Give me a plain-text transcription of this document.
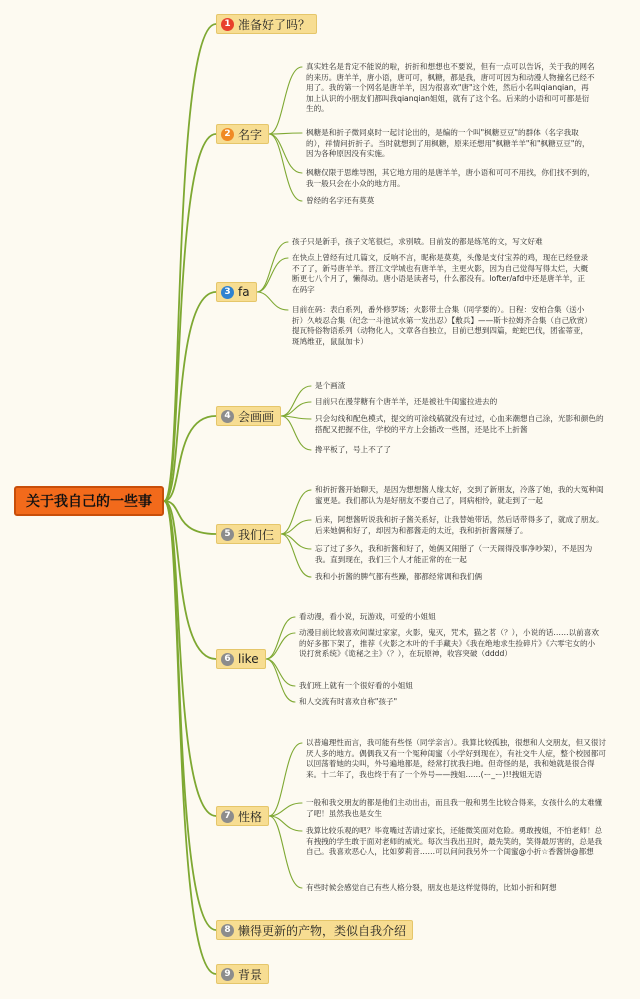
关于我自己的一些事
1 准备好了吗？
2 名字
3 fa
4 会画画
5 我们仨
6 like
7 性格
8 懒得更新的产物，类似自我介绍
9 背景
真实姓名是肯定不能说的啦，折折和想想也不要说，但有一点可以告诉，关于我的网名的来历。唐羊羊，唐小语，唐可可，枫糖，都是我，唐可可因为和动漫人物撞名已经不用了。我的第一个网名是唐羊羊，因为很喜欢"唐"这个姓，然后小名叫qianqian，再加上认识的小朋友们都叫我qianqian姐姐，就有了这个名。后来的小语和可可都是衍生的。
枫糖是和折子微同桌时一起讨论出的，是编的一个叫"枫糖豆豆"的群体（名字我取的），祥情问折折子。当时就想到了用枫糖，原来还想用"枫糖羊羊"和"枫糖豆豆"的，因为各种原因没有实施。
枫糖仅限于思维导图，其它地方用的是唐羊羊，唐小语和可可不用找，你们找不到的，我一般只会在小众的地方用。
曾经的名字还有莫莫
孩子只是新手，孩子文笔很烂，求别喷。目前发的都是练笔的文，写文好难
在快点上曾经有过几篇文，反响不言，昵称是莫莫，头像是支付宝养的鸡，现在已经登录不了了，新号唐羊羊。晋江文学城也有唐羊羊，主更火影，因为自己觉得写得太烂，大概断更七八个月了，懒得动。唐小语是读者号，什么都没有。lofter/afd中还是唐羊羊，正在码字
目前在码：表白系列，番外修罗场；火影带土合集（同学要的）。日程：安柏合集（送小折）久岐忍合集（纪念一斗池试水第一发出忍）【敷兵】——斯卡拉姆齐合集（自己欣赏）提瓦特俗物语系列（动物化人，文章各自独立，目前已想到四篇，蛇蛇巴伐，团雀蒂亚，斑鸠维亚，鼠鼠加卡）
是个画渣
目前只在漫芽糖有个唐羊羊，还是被社牛闺蜜拉进去的
只会勾线和配色模式，提交的可涂线稿就没有过过，心血来潮想自己涂，光影和颜色的搭配又把握不住，学校的平方上会插改一些图，还是比不上折酱
搀平板了，号上不了了
和折折酱开始聊天，是因为想想酱人缘太好，交到了新朋友，冷落了她，我的大冤种闺蜜更是。我们都认为是好朋友不要自己了，同病相怜，就走到了一起
后来，阿想酱听说我和折子酱关系好，让我替她带话，然后话带得多了，就成了朋友。后来她俩和好了，却因为和都酱走的太近，我和折折酱闹掰了。
忘了过了多久，我和折酱和好了，她俩又闹掰了（一天闹得没事净吵架），不是因为我。直到现在，我们三个人才能正常的在一起
我和小折酱的脾气都有些躁，都都经常调和我们俩
看动漫，看小说，玩游戏，可爱的小姐姐
动漫目前比较喜欢间谍过家家，火影，鬼灭，咒术，猫之茗（？），小说的话……以前喜欢的好多都下架了，推荐《火影之木叶的千手藏夫》《我在绝地求生捡碎片》《六零宅女的小说打赏系统》《诡秘之主》（？），在玩原神，收容突破（dddd）
我们班上就有一个很好看的小姐姐
和人交流有时喜欢自称"孩子"
以普遍理性而言，我可能有些怪（同学亲言）。我算比较孤独，很想和人交朋友，但又很讨厌人多的地方。偶偶我又有一个冤种闺蜜（小学好到现在），有社交牛人症，整个校园都可以回荡着她的尖叫，外号遍地都是，经常打扰我扫地。但奇怪的是，我和她就是很合得来。十二年了，我也终于有了一个外号——拽姐……(ー_ー)!!拽姐无语
一般和我交朋友的都是他们主动出击，而且我一般和男生比较合得来，女孩什么的太难懂了吧！虽然我也是女生
我算比较乐观的吧？毕竟嘴过苦请过家长，还能微笑面对危险。勇敢拽姐，不怕老师！总有拽拽的学生敢于面对老师的威光。每次当我出丑时，最先笑的，笑得最厉害的，总是我自己。我喜欢恶心人，比如萝莉音……可以问问我另外一个闺蜜@小折☆香酱饼@都想
有些时候会感觉自己有些人格分裂，朋友也是这样觉得的，比如小折和阿想
